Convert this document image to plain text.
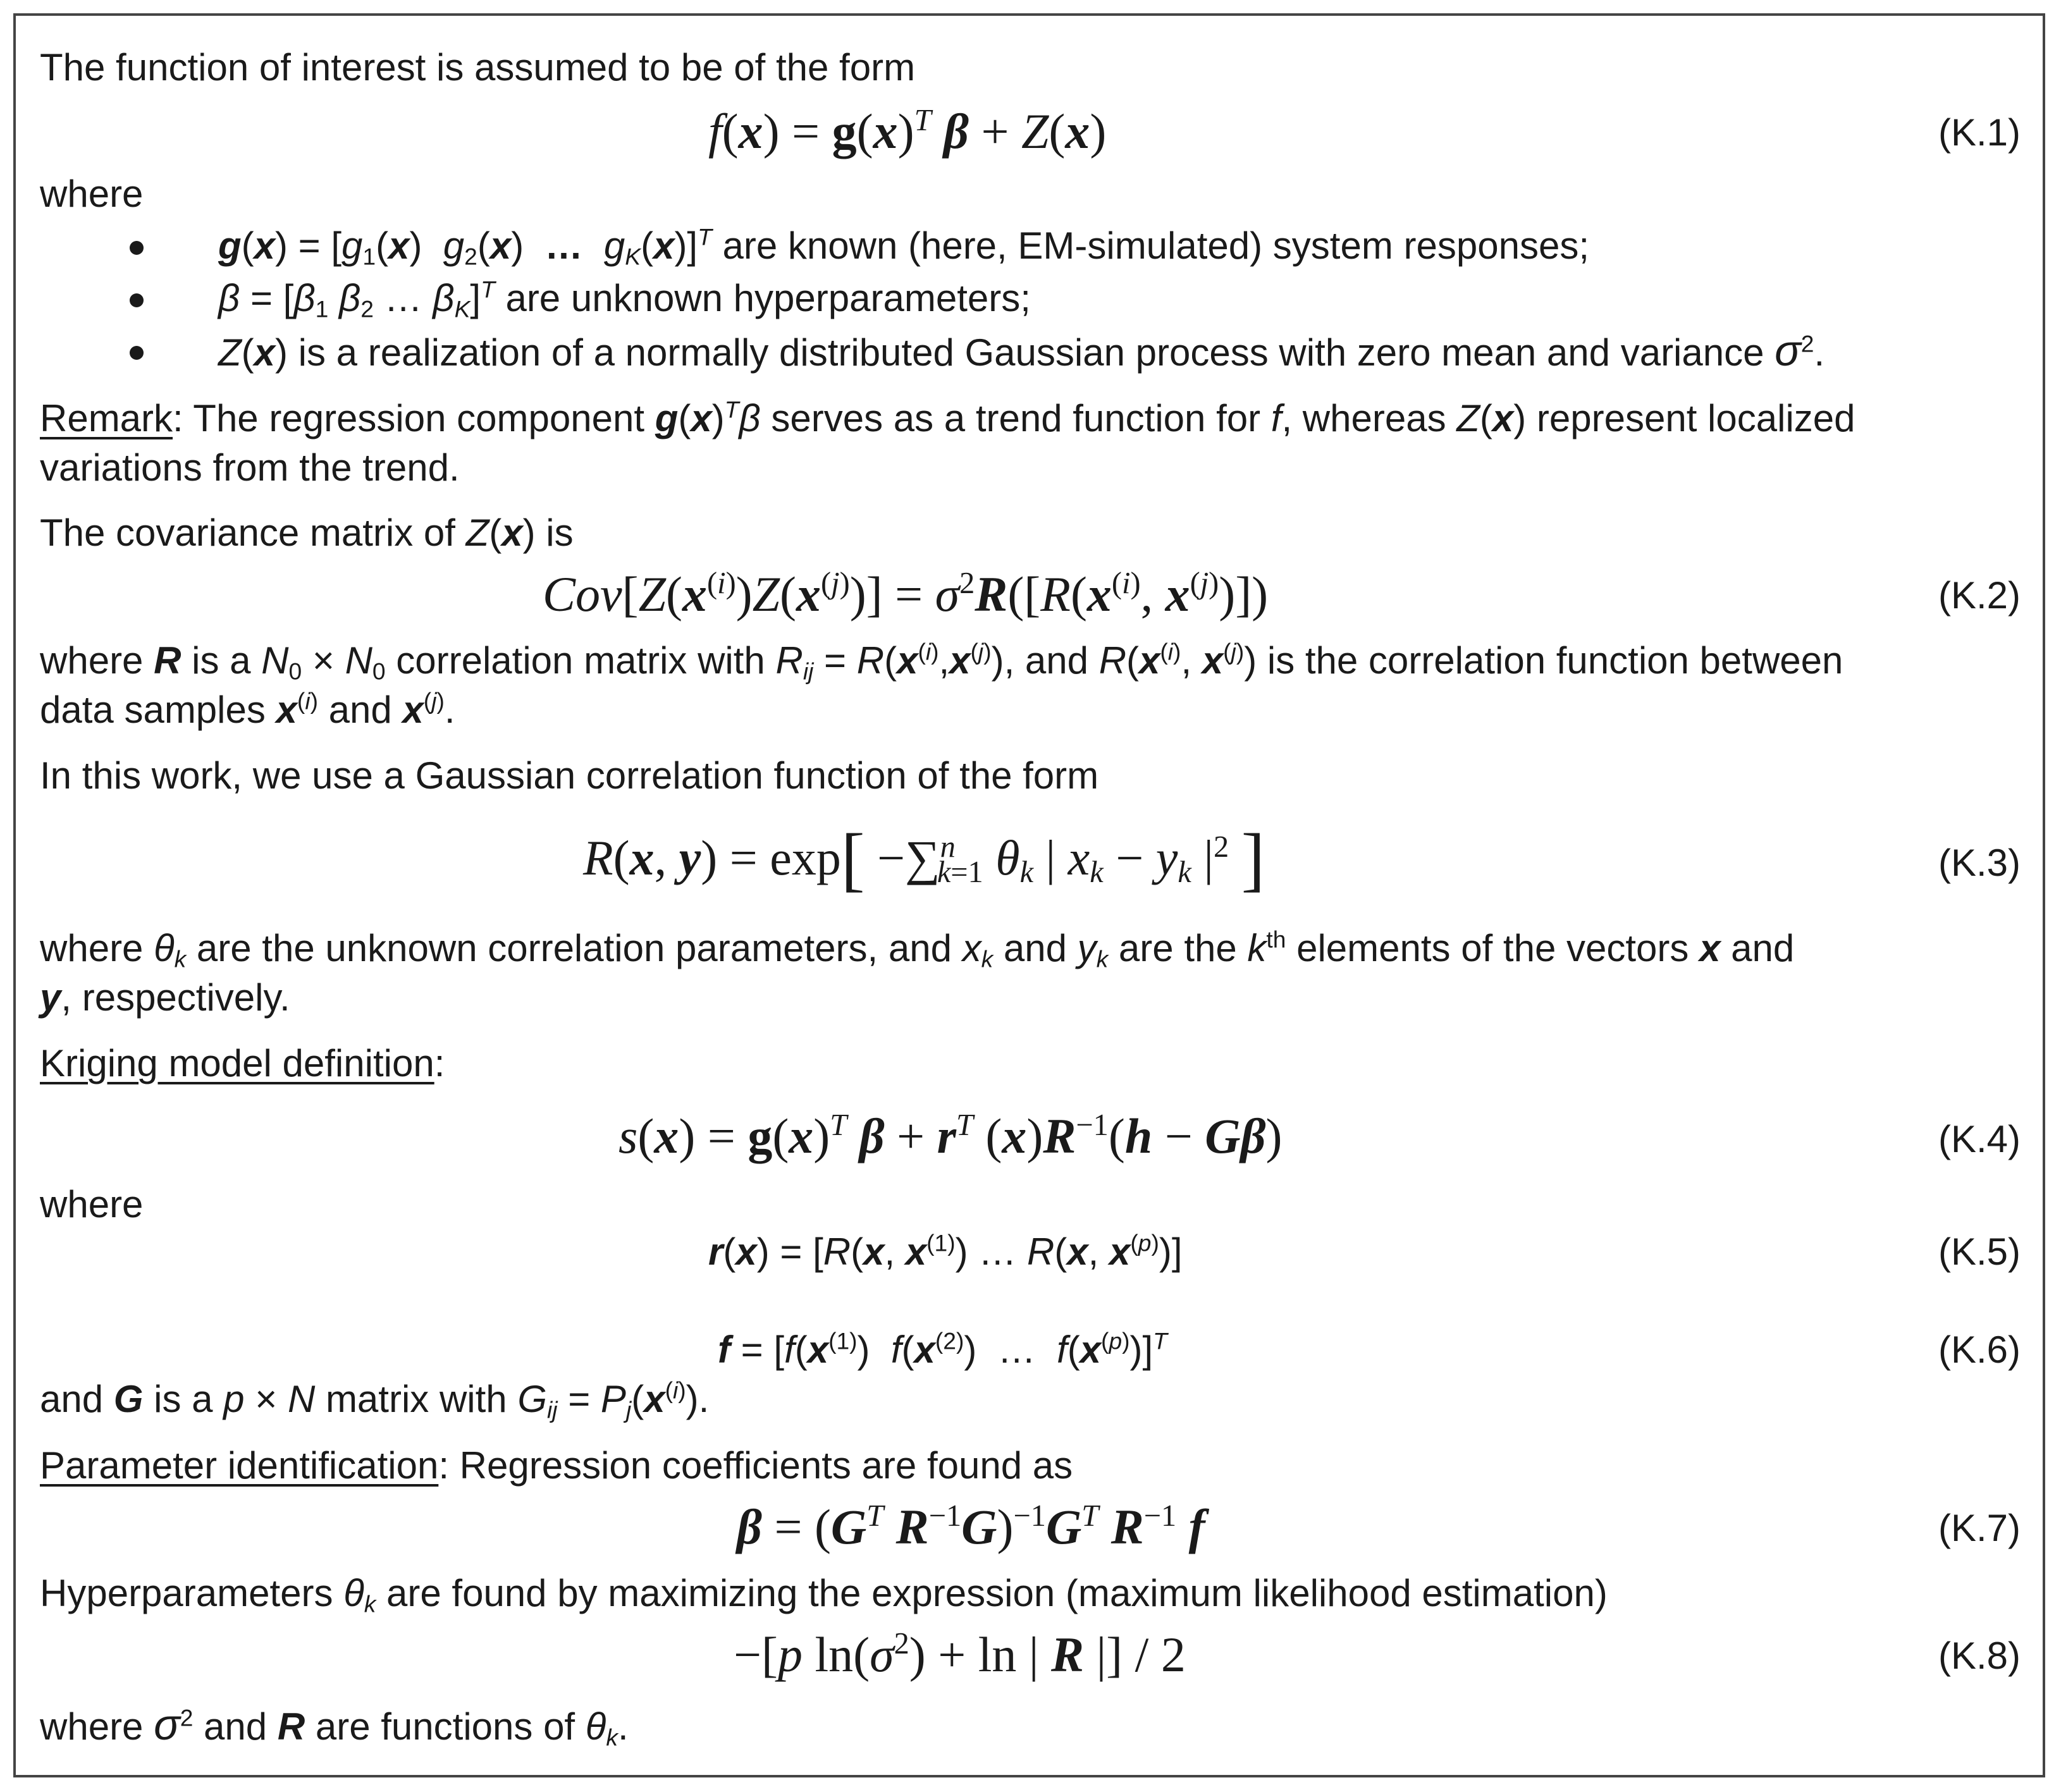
The function of interest is assumed to be of the form
$f(x) = g(x)^T$ β + Z(x)	(K.1)
where
$g(x) = [g_1(x)$  $g_2(x)$  … $g_K(x)]^T$ are known (here, EM-simulated) system responses;
$\beta = [\beta_1$ $\beta_2$ … $\beta_K]^T$ are unknown hyperparameters;
Z(x) is a realization of a normally distributed Gaussian process with zero mean and variance $\sigma^2$.
Remark: The regression component $g(x)^T\beta$ serves as a trend function for f, whereas Z(x) represent localized
variations from the trend.
The covariance matrix of Z(x) is
$Cov[Z(x^{(i)})Z(x^{(j)})] = \sigma^2R([R(x^{(i)}$, $x^{(j)}$)])	(K.2)
where R is a $N_0 \times N_0$ correlation matrix with $R_{ij} = R(x^{(i)},x^{(j)})$, and $R(x^{(i)}$, $x^{(j)}$) is the correlation function between
data samples $x^{(i)}$ and $x^{(j)}$.
In this work, we use a Gaussian correlation function of the form
R(x, y) = exp[ −∑$^n_{k=1}$ $\theta_k$ | $x_k - y_k$ $|^2$ ]	(K.3)
where $\theta_k$ are the unknown correlation parameters, and $x_k$ and $y_k$ are the $k^{th}$ elements of the vectors x and
y, respectively.
Kriging model definition:
$s(x) = g(x)^T$ $\beta + r^T$ $(x)R^{-1}(h - G\beta)$	(K.4)
where
r(x) = [R(x, $x^{(1)}$) … R(x, $x^{(p)}$)]	(K.5)
$f = [f(x^{(1)})$  $f(x^{(2)})$  …  $f(x^{(p)})]^T$	(K.6)
and G is a p × N matrix with $G_{ij} = P_j(x^{(i)})$.
Parameter identification: Regression coefficients are found as
$\beta = (G^T$ $R^{-1}G)^{-1}G^T$ $R^{-1}$ f	(K.7)
Hyperparameters $\theta_k$ are found by maximizing the expression (maximum likelihood estimation)
−[p $\ln(\sigma^2) + \ln$ | R |] / 2	(K.8)
where $\sigma^2$ and R are functions of $\theta_k$.
